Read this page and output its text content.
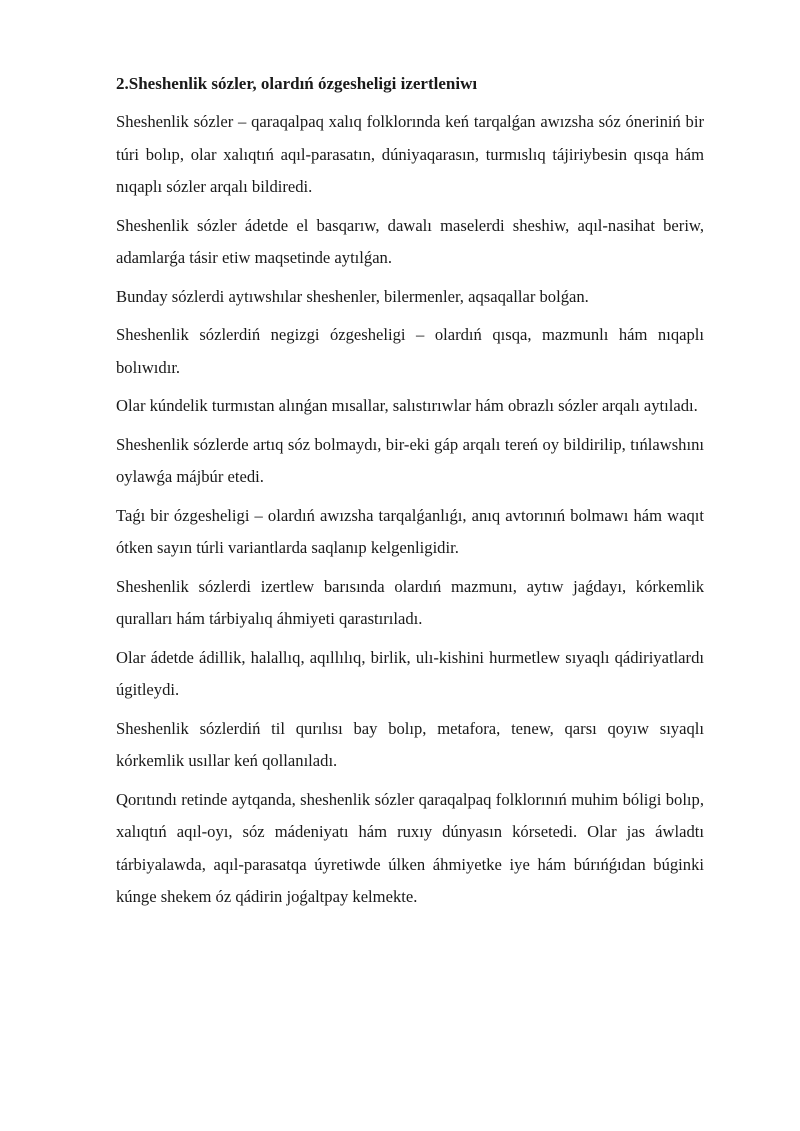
2.Sheshenlik sózler, olardıń ózgesheligi izertleniwı

Sheshenlik sózler – qaraqalpaq xalıq folklorında keń tarqalǵan awızsha sóz óneriniń bir túri bolıp, olar xalıqtıń aqıl-parasatın, dúniyaqarasın, turmıslıq tájiriybesin qısqa hám nıqaplı sózler arqalı bildiredi.

Sheshenlik sózler ádetde el basqarıw, dawalı maselerdi sheshiw, aqıl-nasihat beriw, adamlarǵa tásir etiw maqsetinde aytılǵan.

Bunday sózlerdi aytıwshılar sheshenler, bilermenler, aqsaqallar bolǵan.

Sheshenlik sózlerdiń negizgi ózgesheligi – olardıń qısqa, mazmunlı hám nıqaplı bolıwıdır.

Olar kúndelik turmıstan alınǵan mısallar, salıstırıwlar hám obrazlı sózler arqalı aytıladı.

Sheshenlik sózlerde artıq sóz bolmaydı, bir-eki gáp arqalı tereń oy bildirilip, tıńlawshını oylawǵa májbúr etedi.

Taǵı bir ózgesheligi – olardıń awızsha tarqalǵanlıǵı, anıq avtorınıń bolmawı hám waqıt ótken sayın túrli variantlarda saqlanıp kelgenligidir.

Sheshenlik sózlerdi izertlew barısında olardıń mazmunı, aytıw jaǵdayı, kórkemlik quralları hám tárbiyalıq áhmiyeti qarastırıladı.

Olar ádetde ádillik, halallıq, aqıllılıq, birlik, ulı-kishini hurmetlew sıyaqlı qádiriyatlardı úgitleydi.

Sheshenlik sózlerdiń til qurılısı bay bolıp, metafora, tenew, qarsı qoyıw sıyaqlı kórkemlik usıllar keń qollanıladı.

Qorıtındı retinde aytqanda, sheshenlik sózler qaraqalpaq folklorınıń muhim bóligi bolıp, xalıqtıń aqıl-oyı, sóz mádeniyatı hám ruxıy dúnyasın kórsetedi. Olar jas áwladtı tárbiyalawda, aqıl-parasatqa úyretiwde úlken áhmiyetke iye hám búrıńǵıdan búginki kúnge shekem óz qádirin joǵaltpay kelmekte.
